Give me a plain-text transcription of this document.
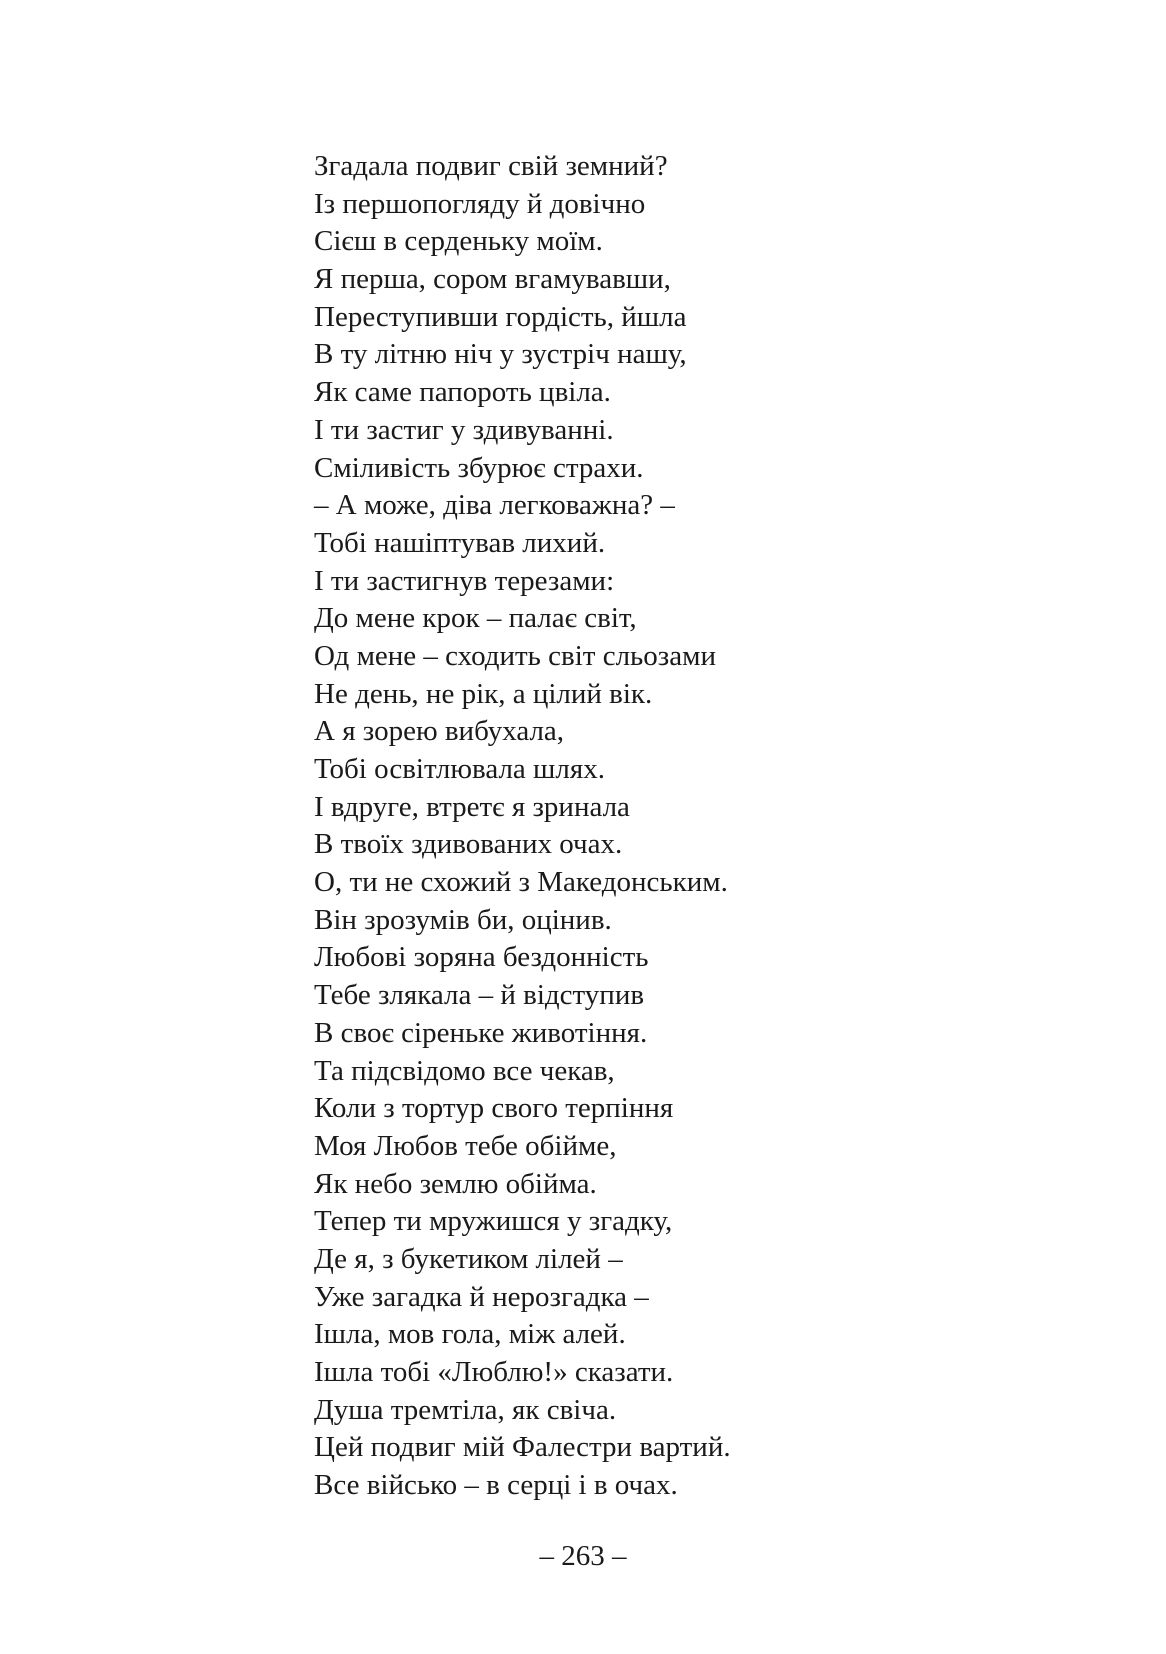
Згадала подвиг свій земний?
Із першопогляду й довічно
Сієш в серденьку моїм.
Я перша, сором вгамувавши,
Переступивши гордість, йшла
В ту літню ніч у зустріч нашу,
Як саме папороть цвіла.
І ти застиг у здивуванні.
Сміливість збурює страхи.
– А може, діва легковажна? –
Тобі нашіптував лихий.
І ти застигнув терезами:
До мене крок – палає світ,
Од мене – сходить світ сльозами
Не день, не рік, а цілий вік.
А я зорею вибухала,
Тобі освітлювала шлях.
І вдруге, втретє я зринала
В твоїх здивованих очах.
О, ти не схожий з Македонським.
Він зрозумів би, оцінив.
Любові зоряна бездонність
Тебе злякала – й відступив
В своє сіреньке животіння.
Та підсвідомо все чекав,
Коли з тортур свого терпіння
Моя Любов тебе обійме,
Як небо землю обійма.
Тепер ти мружишся у згадку,
Де я, з букетиком лілей –
Уже загадка й нерозгадка –
Ішла, мов гола, між алей.
Ішла тобі «Люблю!» сказати.
Душа тремтіла, як свіча.
Цей подвиг мій Фалестри вартий.
Все військо – в серці і в очах.
– 263 –
